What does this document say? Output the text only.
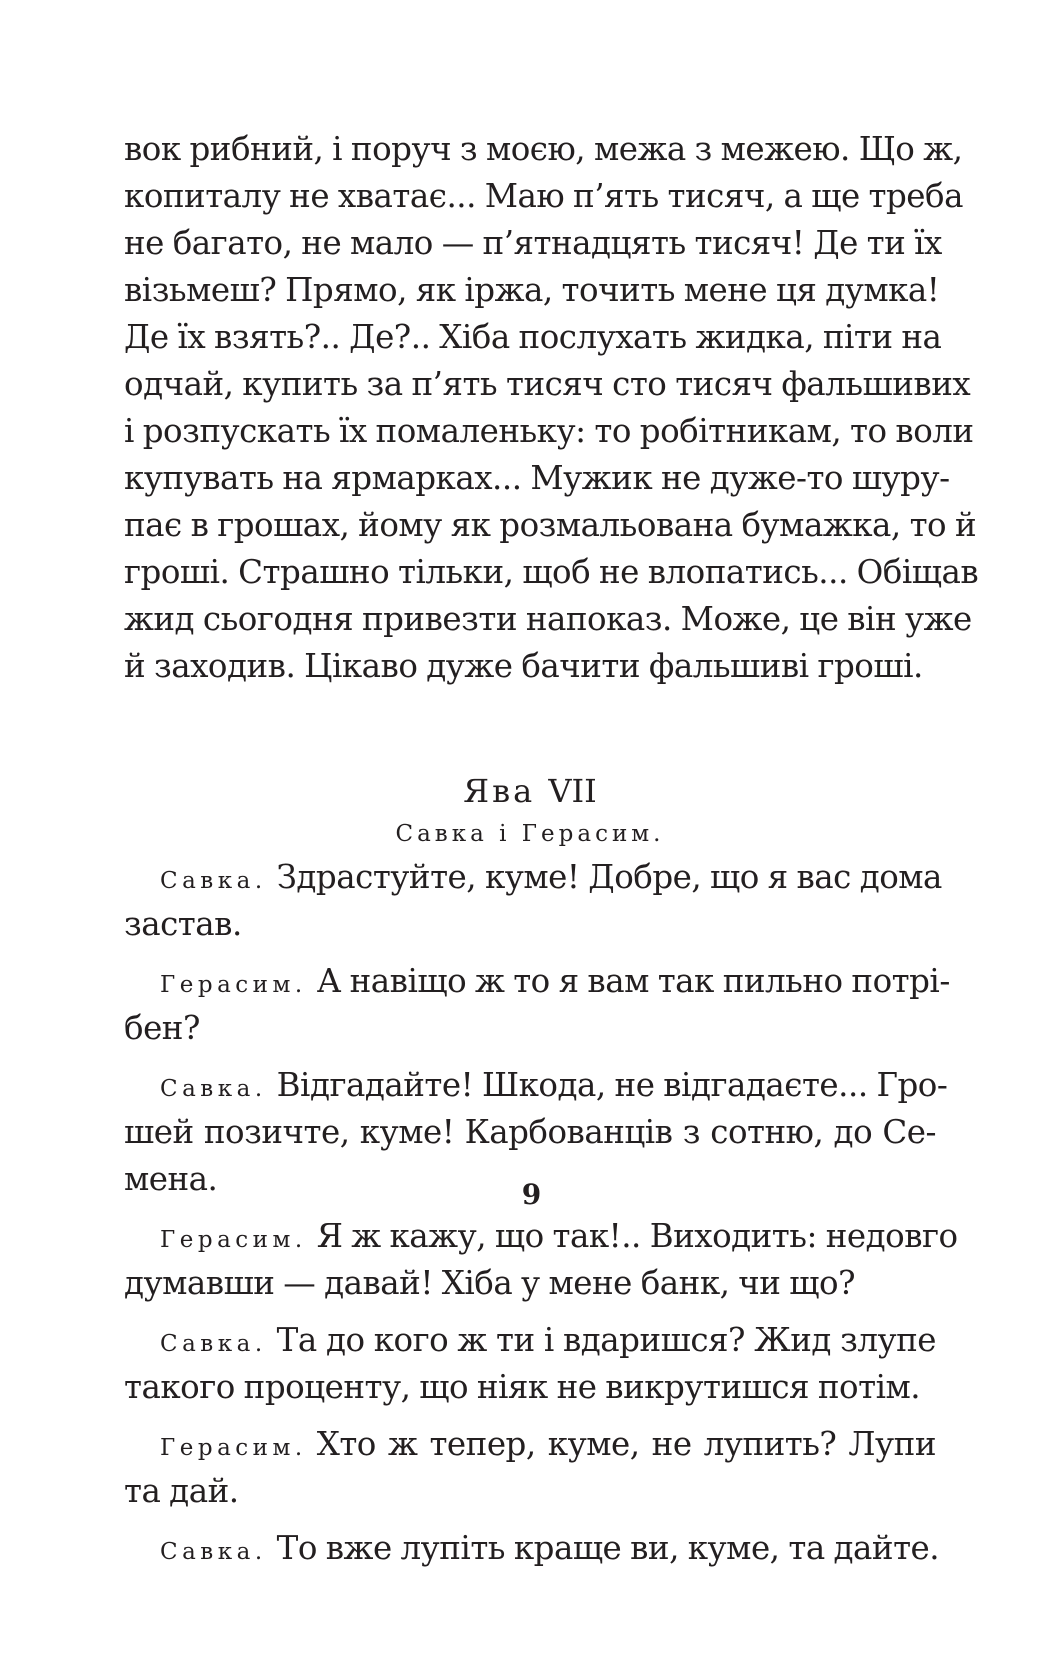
вок рибний, і поруч з моєю, межа з межею. Що ж,
копиталу не хватає... Маю п’ять тисяч, а ще треба
не багато, не мало — п’ятнадцять тисяч! Де ти їх
візьмеш? Прямо, як іржа, точить мене ця думка!
Де їх взять?.. Де?.. Хіба послухать жидка, піти на
одчай, купить за п’ять тисяч сто тисяч фальшивих
і розпускать їх помаленьку: то робітникам, то воли
купувать на ярмарках... Мужик не дуже-то шуру-
пає в грошах, йому як розмальована бумажка, то й
гроші. Страшно тільки, щоб не влопатись... Обіщав
жид сьогодня привезти напоказ. Може, це він уже
й заходив. Цікаво дуже бачити фальшиві гроші.
Ява VII
Савка і Герасим.
Савка. Здрастуйте, куме! Добре, що я вас дома
застав.
Герасим. А навіщо ж то я вам так пильно потрі-
бен?
Савка. Відгадайте! Шкода, не відгадаєте... Гро-
шей позичте, куме! Карбованців з сотню, до Се-
мена.
Герасим. Я ж кажу, що так!.. Виходить: недовго
думавши — давай! Хіба у мене банк, чи що?
Савка. Та до кого ж ти і вдаришся? Жид злупе
такого проценту, що ніяк не викрутишся потім.
Герасим. Хто ж тепер, куме, не лупить? Лупи
та дай.
Савка. То вже лупіть краще ви, куме, та дайте.
9
